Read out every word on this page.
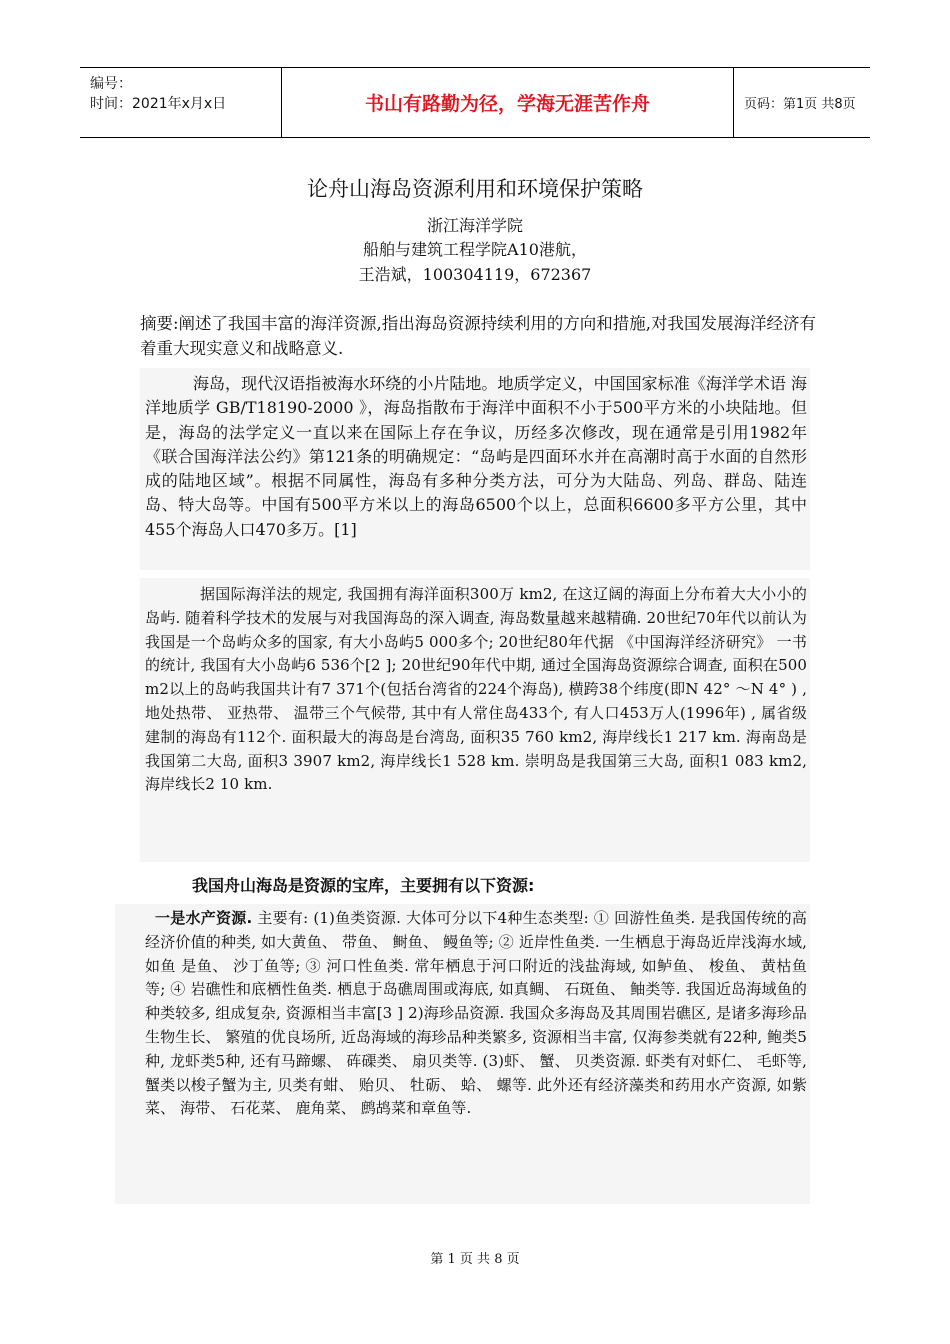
编号：
时间：2021年x月x日	书山有路勤为径，学海无涯苦作舟	页码：第1页 共8页
论舟山海岛资源利用和环境保护策略
浙江海洋学院
船舶与建筑工程学院A10港航，
王浩斌，100304119，672367
摘要:阐述了我国丰富的海洋资源,指出海岛资源持续利用的方向和措施,对我国发展海洋经济有着重大现实意义和战略意义.
海岛，现代汉语指被海水环绕的小片陆地。地质学定义，中国国家标准《海洋学术语 海洋地质学 GB/T18190-2000 》，海岛指散布于海洋中面积不小于500平方米的小块陆地。但是，海岛的法学定义一直以来在国际上存在争议，历经多次修改，现在通常是引用1982年《联合国海洋法公约》第121条的明确规定：“岛屿是四面环水并在高潮时高于水面的自然形成的陆地区域”。根据不同属性，海岛有多种分类方法，可分为大陆岛、列岛、群岛、陆连岛、特大岛等。中国有500平方米以上的海岛6500个以上，总面积6600多平方公里，其中455个海岛人口470多万。[1]
据国际海洋法的规定, 我国拥有海洋面积300万 km2, 在这辽阔的海面上分布着大大小小的岛屿. 随着科学技术的发展与对我国海岛的深入调查, 海岛数量越来越精确. 20世纪70年代以前认为我国是一个岛屿众多的国家, 有大小岛屿5 000多个; 20世纪80年代据 《中国海洋经济研究》 一书的统计, 我国有大小岛屿6 536个[2 ]; 20世纪90年代中期, 通过全国海岛资源综合调查, 面积在500 m2以上的岛屿我国共计有7 371个(包括台湾省的224个海岛), 横跨38个纬度(即N 42° ～N 4° ) , 地处热带、 亚热带、 温带三个气候带, 其中有人常住岛433个, 有人口453万人(1996年) , 属省级建制的海岛有112个. 面积最大的海岛是台湾岛, 面积35 760 km2, 海岸线长1 217 km. 海南岛是我国第二大岛, 面积3 3907 km2, 海岸线长1 528 km. 崇明岛是我国第三大岛, 面积1 083 km2, 海岸线长2 10 km.
我国舟山海岛是资源的宝库，主要拥有以下资源:
一是水产资源. 主要有: (1)鱼类资源. 大体可分以下4种生态类型: ① 回游性鱼类. 是我国传统的高经济价值的种类, 如大黄鱼、 带鱼、 鲥鱼、 鳗鱼等; ② 近岸性鱼类. 一生栖息于海岛近岸浅海水域, 如鱼 是鱼、 沙丁鱼等; ③ 河口性鱼类. 常年栖息于河口附近的浅盐海域, 如鲈鱼、 梭鱼、 黄枯鱼等; ④ 岩礁性和底栖性鱼类. 栖息于岛礁周围或海底, 如真鲷、 石斑鱼、 鲉类等. 我国近岛海域鱼的种类较多, 组成复杂, 资源相当丰富[3 ] 2)海珍品资源. 我国众多海岛及其周围岩礁区, 是诸多海珍品生物生长、 繁殖的优良场所, 近岛海域的海珍品种类繁多, 资源相当丰富, 仅海参类就有22种, 鲍类5种, 龙虾类5种, 还有马蹄螺、 砗磲类、 扇贝类等. (3)虾、 蟹、 贝类资源. 虾类有对虾仁、 毛虾等, 蟹类以梭子蟹为主, 贝类有蚶、 贻贝、 牡砺、 蛤、 螺等. 此外还有经济藻类和药用水产资源, 如紫菜、 海带、 石花菜、 鹿角菜、 鹧鸪菜和章鱼等.
第 1 页 共 8 页
